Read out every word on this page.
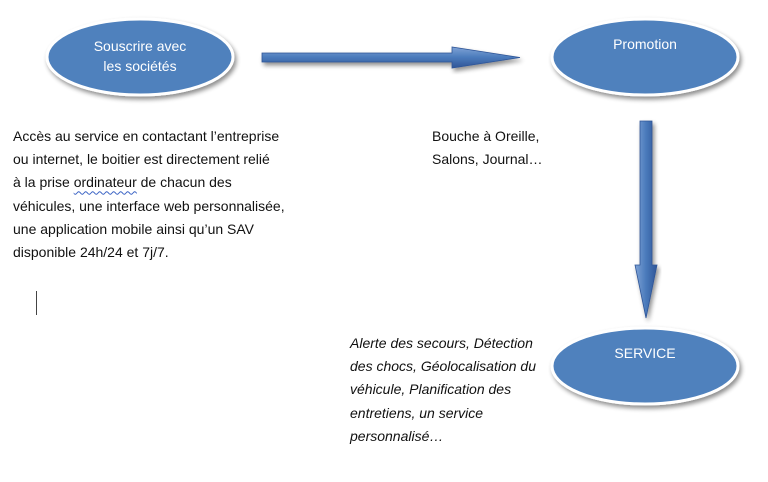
Souscrire avec
les sociétés
Promotion
SERVICE
Accès au service en contactant l’entreprise
ou internet, le boitier est directement relié
à la prise ordinateur de chacun des
véhicules, une interface web personnalisée,
une application mobile ainsi qu’un SAV
disponible 24h/24 et 7j/7.
Bouche à Oreille,
Salons, Journal…
Alerte des secours, Détection
des chocs, Géolocalisation du
véhicule, Planification des
entretiens, un service
personnalisé…
